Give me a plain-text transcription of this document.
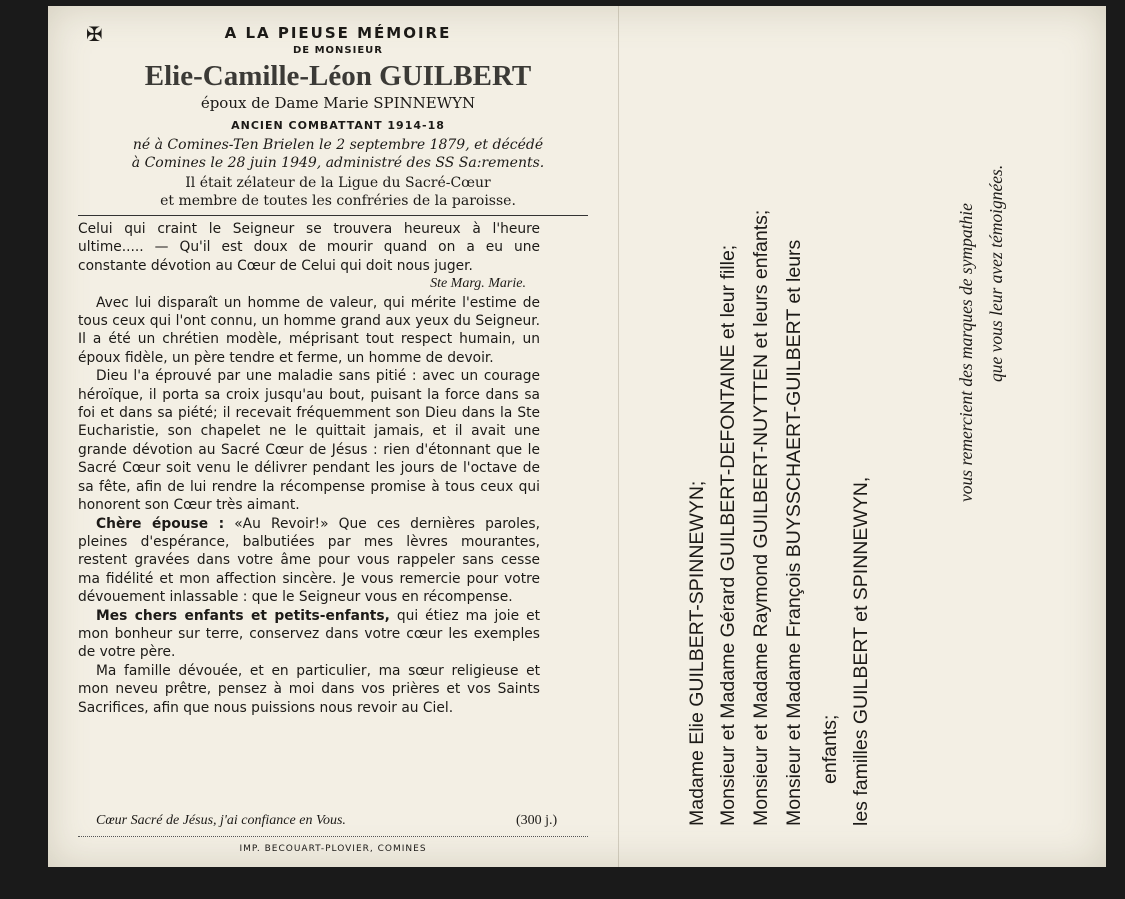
✠	A LA PIEUSE MÉMOIRE
DE MONSIEUR
Elie-Camille-Léon GUILBERT
époux de Dame Marie SPINNEWYN
ANCIEN COMBATTANT 1914-18
né à Comines-Ten Brielen le 2 septembre 1879, et décédé
à Comines le 28 juin 1949, administré des SS Sa:rements.
Il était zélateur de la Ligue du Sacré-Cœur
et membre de toutes les confréries de la paroisse.

Celui qui craint le Seigneur se trouvera heureux à l'heure ultime..... — Qu'il est doux de mourir quand on a eu une constante dévotion au Cœur de Celui qui doit nous juger.
Ste Marg. Marie.

Avec lui disparaît un homme de valeur, qui mérite l'estime de tous ceux qui l'ont connu, un homme grand aux yeux du Seigneur. Il a été un chrétien modèle, méprisant tout respect humain, un époux fidèle, un père tendre et ferme, un homme de devoir.

Dieu l'a éprouvé par une maladie sans pitié : avec un courage héroïque, il porta sa croix jusqu'au bout, puisant la force dans sa foi et dans sa piété; il recevait fréquemment son Dieu dans la Ste Eucharistie, son chapelet ne le quittait jamais, et il avait une grande dévotion au Sacré Cœur de Jésus : rien d'étonnant que le Sacré Cœur soit venu le délivrer pendant les jours de l'octave de sa fête, afin de lui rendre la récompense promise à tous ceux qui honorent son Cœur très aimant.

Chère épouse : «Au Revoir!» Que ces dernières paroles, pleines d'espérance, balbutiées par mes lèvres mourantes, restent gravées dans votre âme pour vous rappeler sans cesse ma fidélité et mon affection sincère. Je vous remercie pour votre dévouement inlassable : que le Seigneur vous en récompense.

Mes chers enfants et petits-enfants, qui étiez ma joie et mon bonheur sur terre, conservez dans votre cœur les exemples de votre père.

Ma famille dévouée, et en particulier, ma sœur religieuse et mon neveu prêtre, pensez à moi dans vos prières et vos Saints Sacrifices, afin que nous puissions nous revoir au Ciel.

Cœur Sacré de Jésus, j'ai confiance en Vous.	(300 j.)
IMP. BECOUART-PLOVIER, COMINES
Madame Elie GUILBERT-SPINNEWYN; Monsieur et Madame Gérard GUILBERT-DEFONTAINE et leur fille; Monsieur et Madame Raymond GUILBERT-NUYTTEN et leurs enfants; Monsieur et Madame François BUYSSCHAERT-GUILBERT et leurs enfants; les familles GUILBERT et SPINNEWYN,
vous remercient des marques de sympathie que vous leur avez témoignées.
